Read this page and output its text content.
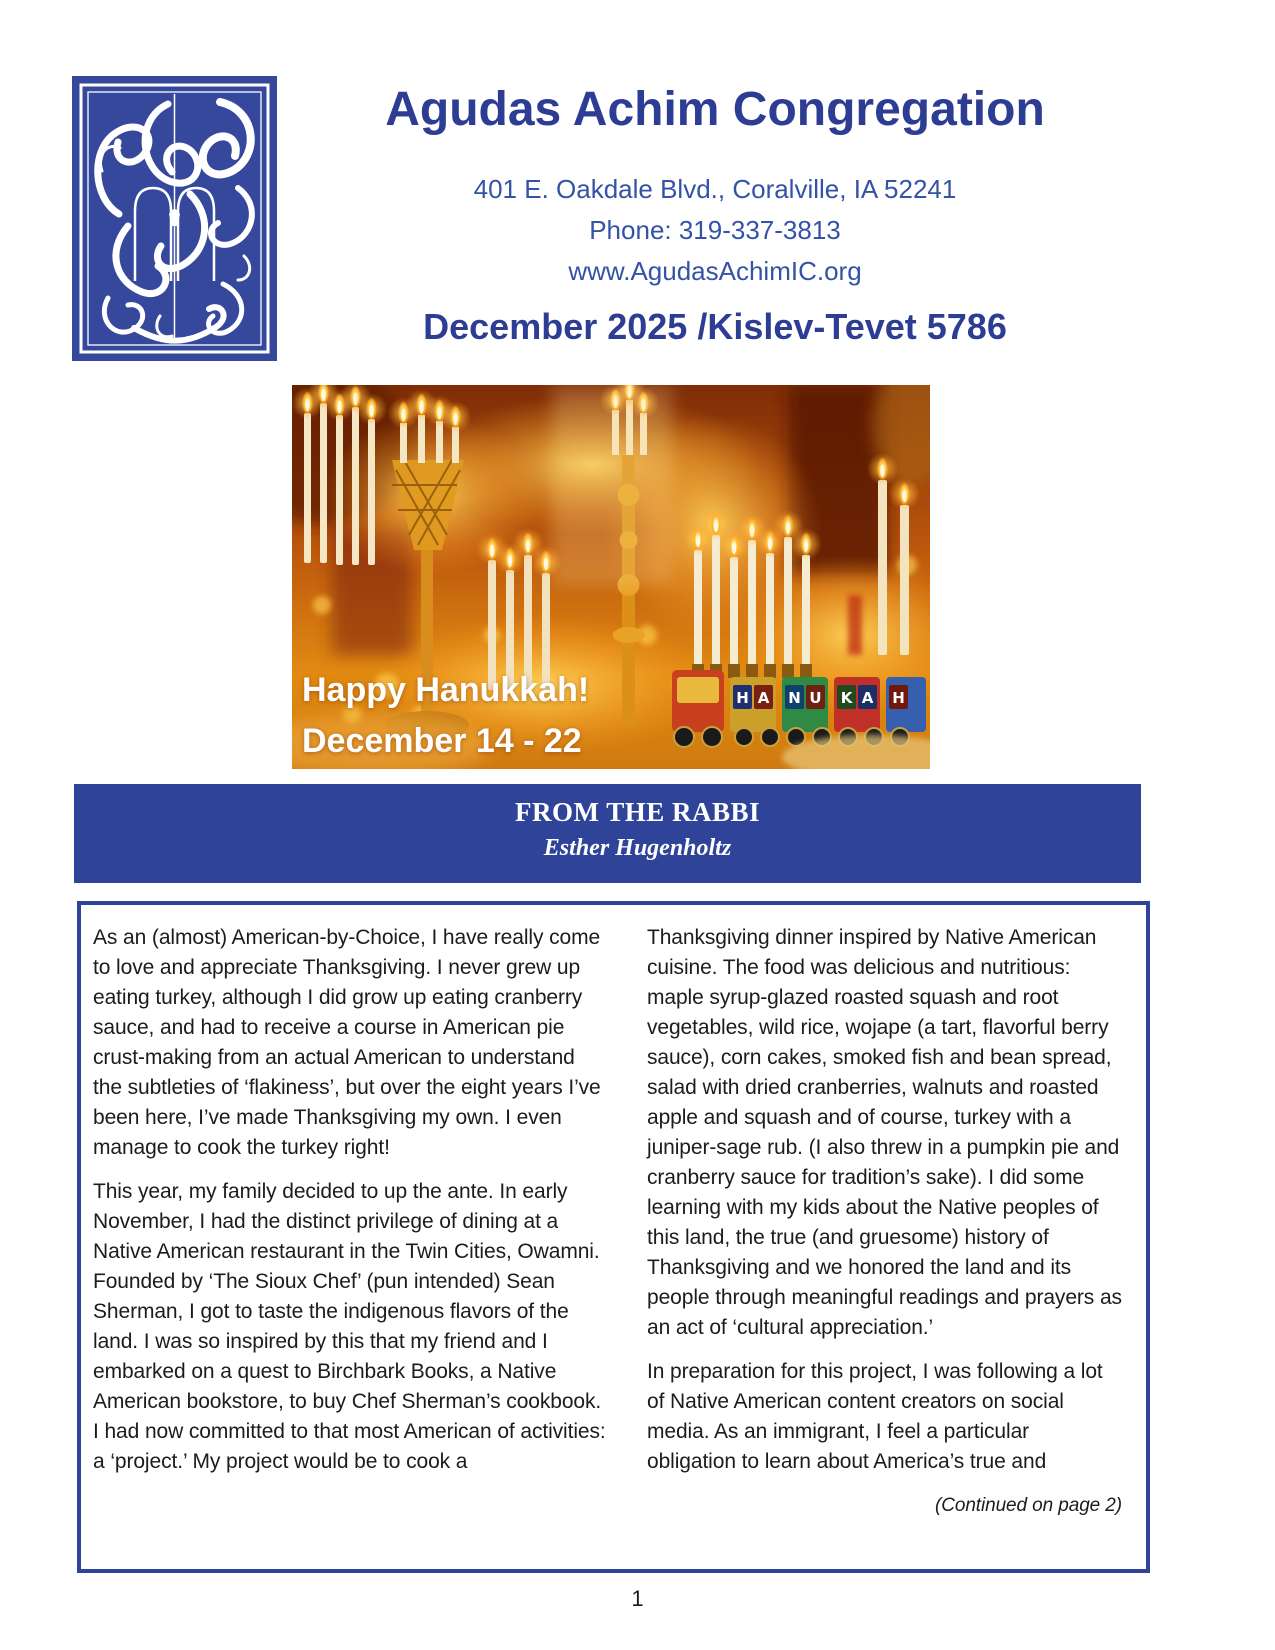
Agudas Achim Congregation
401 E. Oakdale Blvd., Coralville, IA 52241
Phone: 319-337-3813
www.AgudasAchimIC.org
December 2025 /Kislev-Tevet 5786
H A N U K A H
Happy Hanukkah!
December 14 - 22
FROM THE RABBI
Esther Hugenholtz

As an (almost) American-by-Choice, I have really come to love and appreciate Thanksgiving. I never grew up eating turkey, although I did grow up eating cranberry sauce, and had to receive a course in American pie crust-making from an actual American to understand the subtleties of ‘flakiness’, but over the eight years I’ve been here, I’ve made Thanksgiving my own. I even manage to cook the turkey right!

This year, my family decided to up the ante. In early November, I had the distinct privilege of dining at a Native American restaurant in the Twin Cities, Owamni. Founded by ‘The Sioux Chef’ (pun intended) Sean Sherman, I got to taste the indigenous flavors of the land. I was so inspired by this that my friend and I embarked on a quest to Birchbark Books, a Native American bookstore, to buy Chef Sherman’s cookbook. I had now committed to that most American of activities: a ‘project.’ My project would be to cook a

Thanksgiving dinner inspired by Native American cuisine. The food was delicious and nutritious: maple syrup-glazed roasted squash and root vegetables, wild rice, wojape (a tart, flavorful berry sauce), corn cakes, smoked fish and bean spread, salad with dried cranberries, walnuts and roasted apple and squash and of course, turkey with a juniper-sage rub. (I also threw in a pumpkin pie and cranberry sauce for tradition’s sake). I did some learning with my kids about the Native peoples of this land, the true (and gruesome) history of Thanksgiving and we honored the land and its people through meaningful readings and prayers as an act of ‘cultural appreciation.’

In preparation for this project, I was following a lot of Native American content creators on social media. As an immigrant, I feel a particular obligation to learn about America’s true and

(Continued on page 2)

1
